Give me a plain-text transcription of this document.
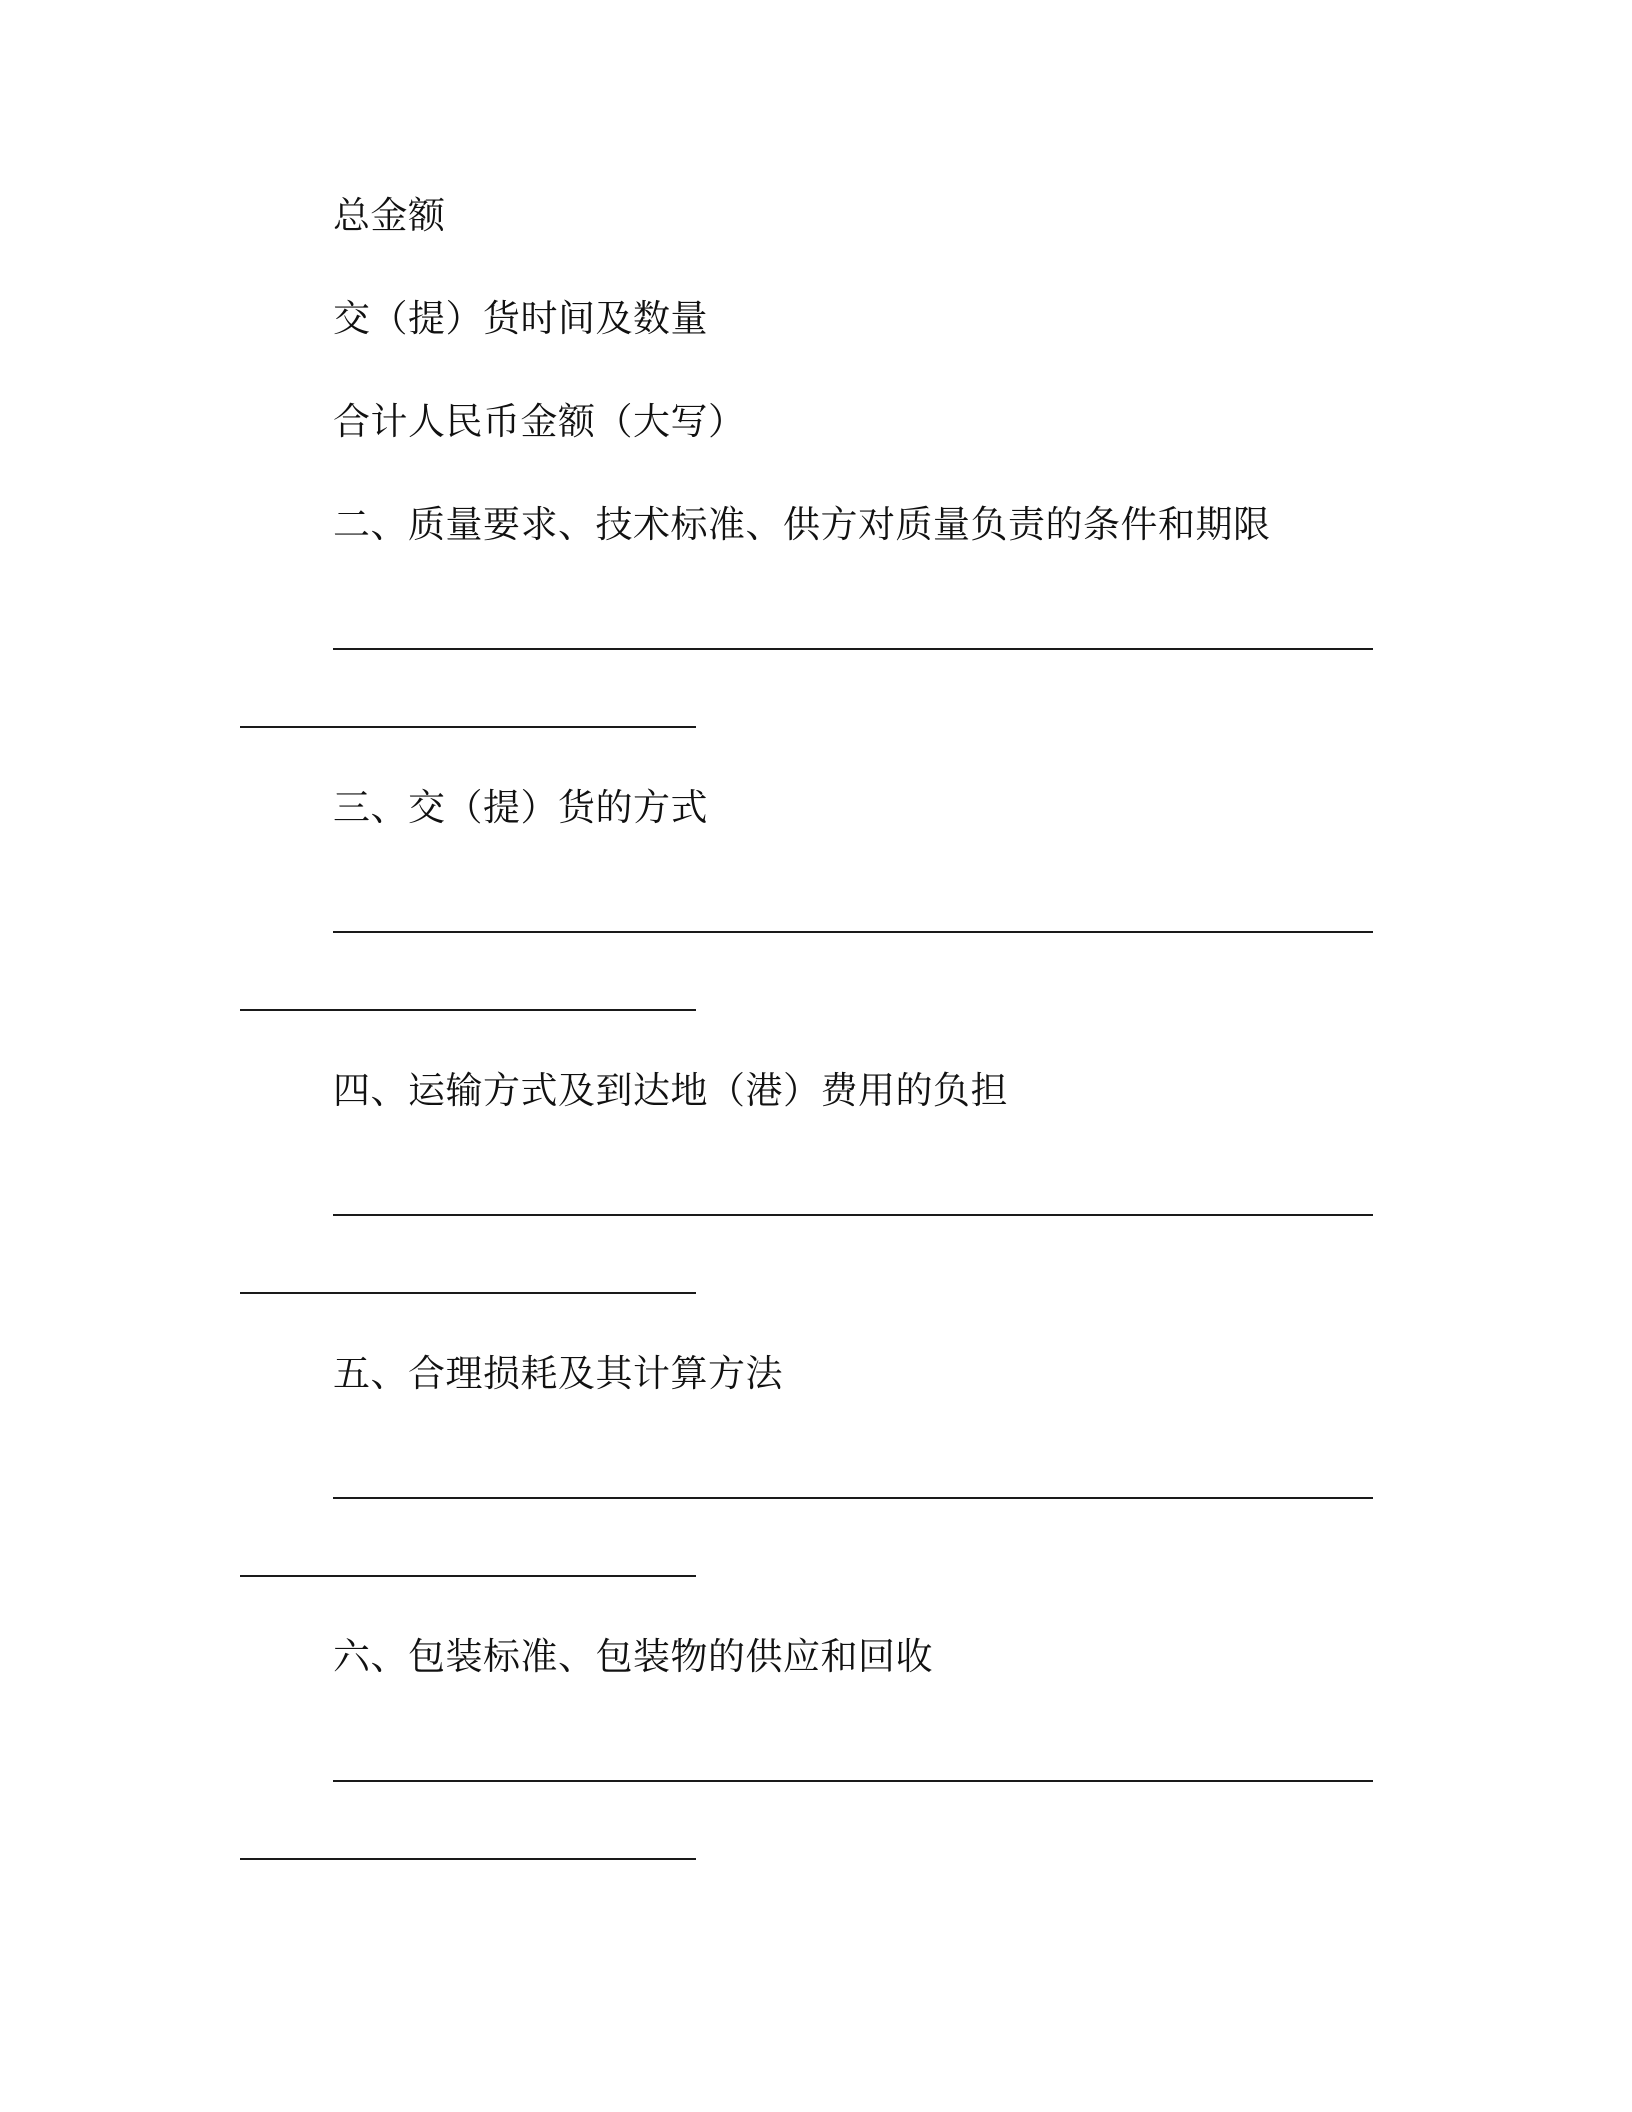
总金额
交（提）货时间及数量
合计人民币金额（大写）
二、质量要求、技术标准、供方对质量负责的条件和期限
三、交（提）货的方式
四、运输方式及到达地（港）费用的负担
五、合理损耗及其计算方法
六、包装标准、包装物的供应和回收
